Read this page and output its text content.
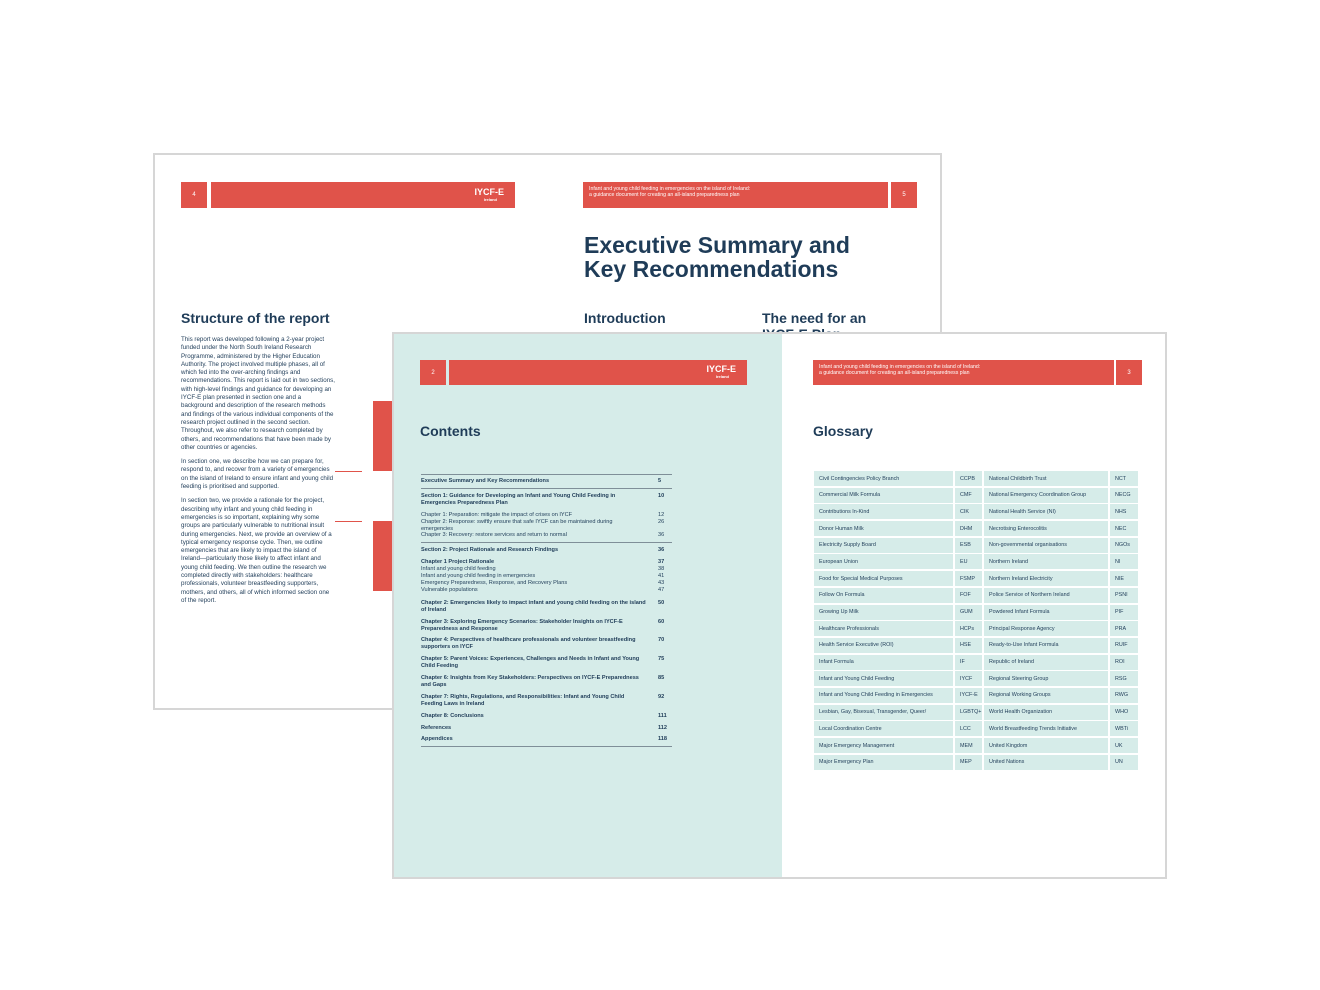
4	IYCF-E
Ireland
Structure of the report

This report was developed following a 2-year project funded under the North South Ireland Research Programme, administered by the Higher Education Authority. The project involved multiple phases, all of which fed into the over-arching findings and recommendations. This report is laid out in two sections, with high-level findings and guidance for developing an IYCF-E plan presented in section one and a background and description of the research methods and findings of the various individual components of the research project outlined in the second section. Throughout, we also refer to research completed by others, and recommendations that have been made by other countries or agencies.

In section one, we describe how we can prepare for, respond to, and recover from a variety of emergencies on the island of Ireland to ensure infant and young child feeding is prioritised and supported.

In section two, we provide a rationale for the project, describing why infant and young child feeding in emergencies is so important, explaining why some groups are particularly vulnerable to nutritional insult during emergencies. Next, we provide an overview of a typical emergency response cycle. Then, we outline emergencies that are likely to impact the island of Ireland—particularly those likely to affect infant and young child feeding. We then outline the research we completed directly with stakeholders: healthcare professionals, volunteer breastfeeding supporters, mothers, and others, all of which informed section one of the report.

Infant and young child feeding in emergencies on the island of Ireland:
a guidance document for creating an all-island preparedness plan	5
Executive Summary and
Key Recommendations
Introduction	The need for an
2	IYCF-E
Ireland
Contents
Executive Summary and Key Recommendations	5
Section 1: Guidance for Developing an Infant and Young Child Feeding in Emergencies Preparedness Plan
10
Chapter 1: Preparation: mitigate the impact of crises on IYCF	12
Chapter 2: Response: swiftly ensure that safe IYCF can be maintained during emergencies
26
Chapter 3: Recovery: restore services and return to normal	36
Section 2: Project Rationale and Research Findings	36
Chapter 1 Project Rationale	37
Infant and young child feeding	38
Infant and young child feeding in emergencies	41
Emergency Preparedness, Response, and Recovery Plans	43
Vulnerable populations	47
Chapter 2: Emergencies likely to impact infant and young child feeding on the island of Ireland
50
Chapter 3: Exploring Emergency Scenarios: Stakeholder Insights on IYCF-E Preparedness and Response
60
Chapter 4: Perspectives of healthcare professionals and volunteer breastfeeding supporters on IYCF
70
Chapter 5: Parent Voices: Experiences, Challenges and Needs in Infant and Young Child Feeding
75
Chapter 6: Insights from Key Stakeholders: Perspectives on IYCF-E Preparedness and Gaps
85
Chapter 7: Rights, Regulations, and Responsibilities: Infant and Young Child Feeding Laws in Ireland
92
Chapter 8: Conclusions	111
References	112
Appendices	118
Infant and young child feeding in emergencies on the island of Ireland:
a guidance document for creating an all-island preparedness plan	3
Glossary
Civil Contingencies Policy Branch	CCPB	National Childbirth Trust	NCT
Commercial Milk Formula	CMF	National Emergency Coordination Group	NECG
Contributions In-Kind	CIK	National Health Service (NI)	NHS
Donor Human Milk	DHM	Necrotising Enterocolitis	NEC
Electricity Supply Board	ESB	Non-governmental organisations	NGOs
European Union	EU	Northern Ireland	NI
Food for Special Medical Purposes	FSMP	Northern Ireland Electricity	NIE
Follow On Formula	FOF	Police Service of Northern Ireland	PSNI
Growing Up Milk	GUM	Powdered Infant Formula	PIF
Healthcare Professionals	HCPs	Principal Response Agency	PRA
Health Service Executive (ROI)	HSE	Ready-to-Use Infant Formula	RUIF
Infant Formula	IF	Republic of Ireland	ROI
Infant and Young Child Feeding	IYCF	Regional Steering Group	RSG
Infant and Young Child Feeding in Emergencies	IYCF-E	Regional Working Groups	RWG
Lesbian, Gay, Bisexual, Transgender, Queer/	LGBTQ+	World Health Organization	WHO
Local Coordination Centre	LCC	World Breastfeeding Trends Initiative	WBTi
Major Emergency Management	MEM	United Kingdom	UK
Major Emergency Plan	MEP	United Nations	UN
